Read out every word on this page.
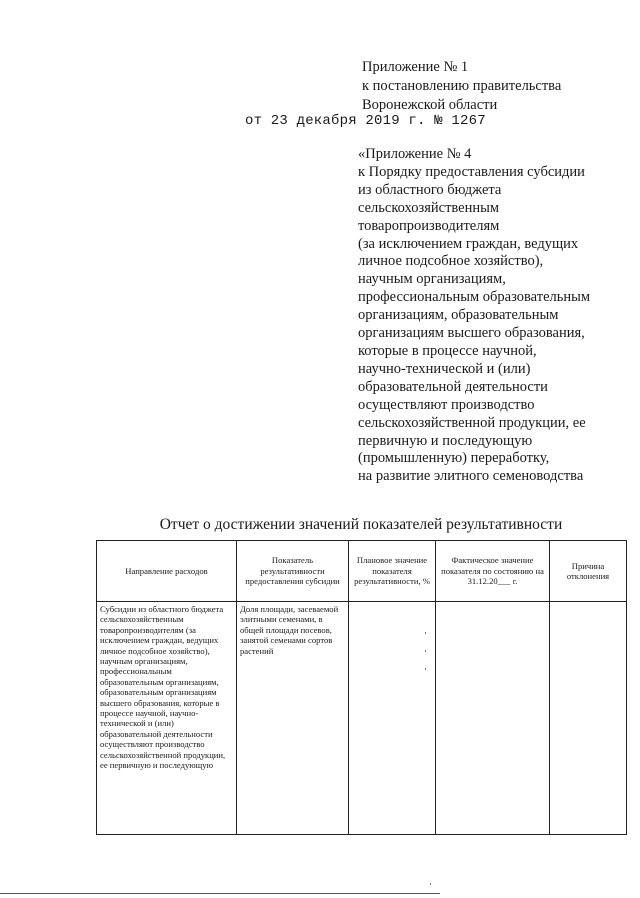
Приложение № 1
к постановлению правительства
Воронежской области
от 23 декабря 2019 г. № 1267
«Приложение № 4
к Порядку предоставления субсидии
из областного бюджета
сельскохозяйственным
товаропроизводителям
(за исключением граждан, ведущих
личное подсобное хозяйство),
научным организациям,
профессиональным образовательным
организациям, образовательным
организациям высшего образования,
которые в процессе научной,
научно-технической и (или)
образовательной деятельности
осуществляют производство
сельскохозяйственной продукции, ее
первичную и последующую
(промышленную) переработку,
на развитие элитного семеноводства
Отчет о достижении значений показателей результативности
Направление расходов	Показатель результативности предоставления субсидии	Плановое значение показателя результативности, %	Фактическое значение показателя по состоянию на 31.12.20___ г.	Причина отклонения
Субсидии из областного бюджета сельскохозяйственным товаропроизводителям (за исключением граждан, ведущих личное подсобное хозяйство), научным организациям, профессиональным образовательным организациям, образовательным организациям высшего образования, которые в процессе научной, научно-технической и (или) образовательной деятельности осуществляют производство сельскохозяйственной продукции, ее первичную и последующую	Доля площади, засеваемой элитными семенами, в общей площади посевов, занятой семенами сортов растений			
